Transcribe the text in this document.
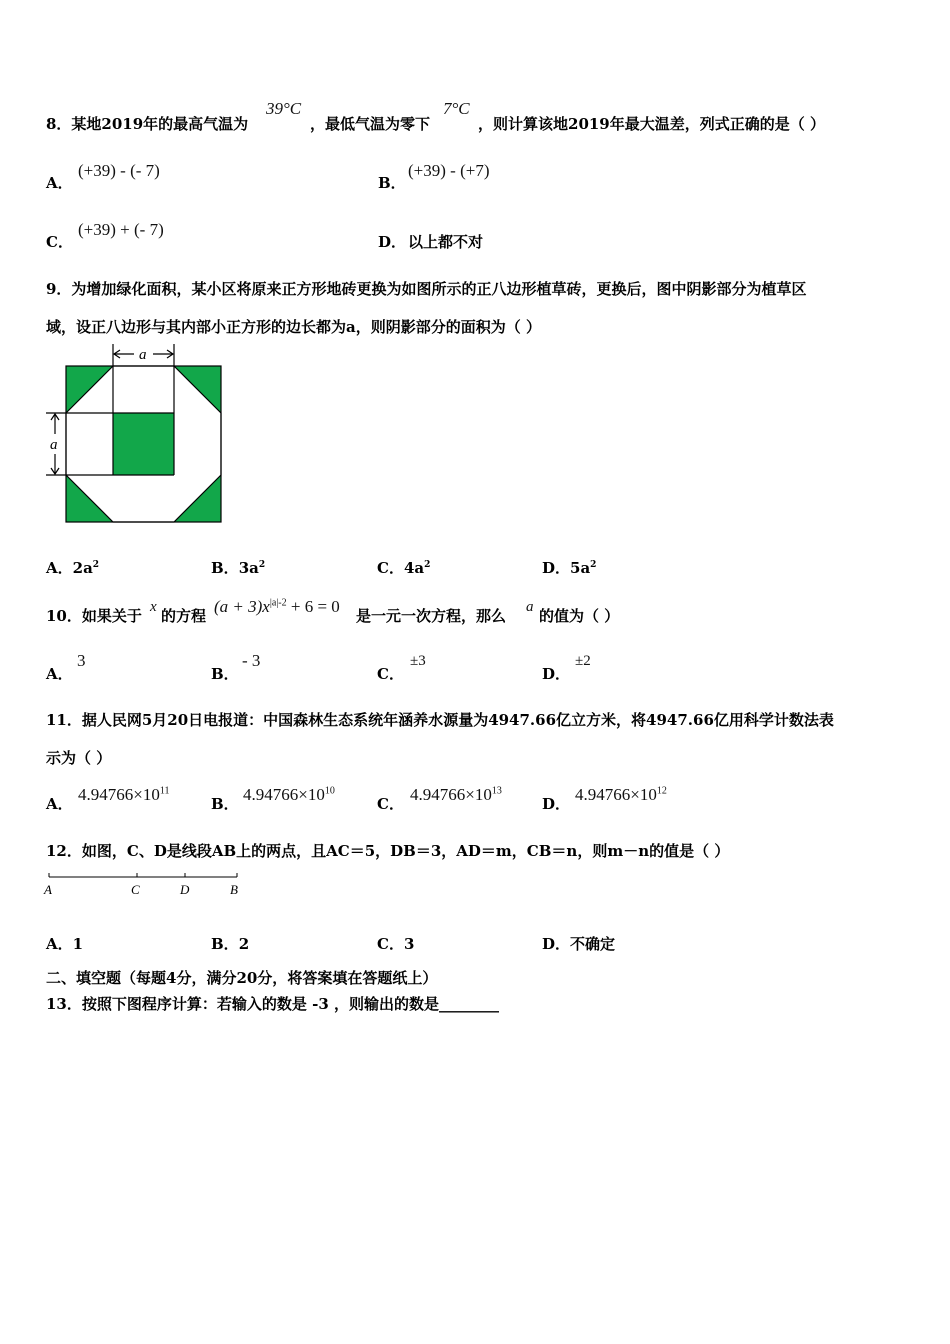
8．某地2019年的最高气温为
39°C
，最低气温为零下
7°C
，则计算该地2019年最大温差，列式正确的是（ ）
A．
(+39) - (- 7)
B．
(+39) - (+7)
C．
(+39) + (- 7)
D． 以上都不对
9．为增加绿化面积，某小区将原来正方形地砖更换为如图所示的正八边形植草砖，更换后，图中阴影部分为植草区
域，设正八边形与其内部小正方形的边长都为a，则阴影部分的面积为（ ）
a
a
A．$2a^2$	B．$3a^2$	C．$4a^2$	D．$5a^2$
10．如果关于 x 的方程 $(a + 3)x^{|a|-2} + 6 = 0$ 是一元一次方程，那么 a 的值为（ ）
A．
3
B．
- 3
C．
±3
D．
±2
11．据人民网5月20日电报道：中国森林生态系统年涵养水源量为4947.66亿立方米，将4947.66亿用科学计数法表
示为（ ）
A． $4.94766\times 10^{11}$
B． $4.94766\times 10^{10}$
C． $4.94766\times 10^{13}$
D． $4.94766\times 10^{12}$
12．如图，C、D是线段AB上的两点，且AC＝5，DB＝3，AD＝m，CB＝n，则m－n的值是（ ）
A	C	D	B
A．1	B．2	C．3	D．不确定
二、填空题（每题4分，满分20分，将答案填在答题纸上）
13．按照下图程序计算：若输入的数是 -3 ，则输出的数是________
